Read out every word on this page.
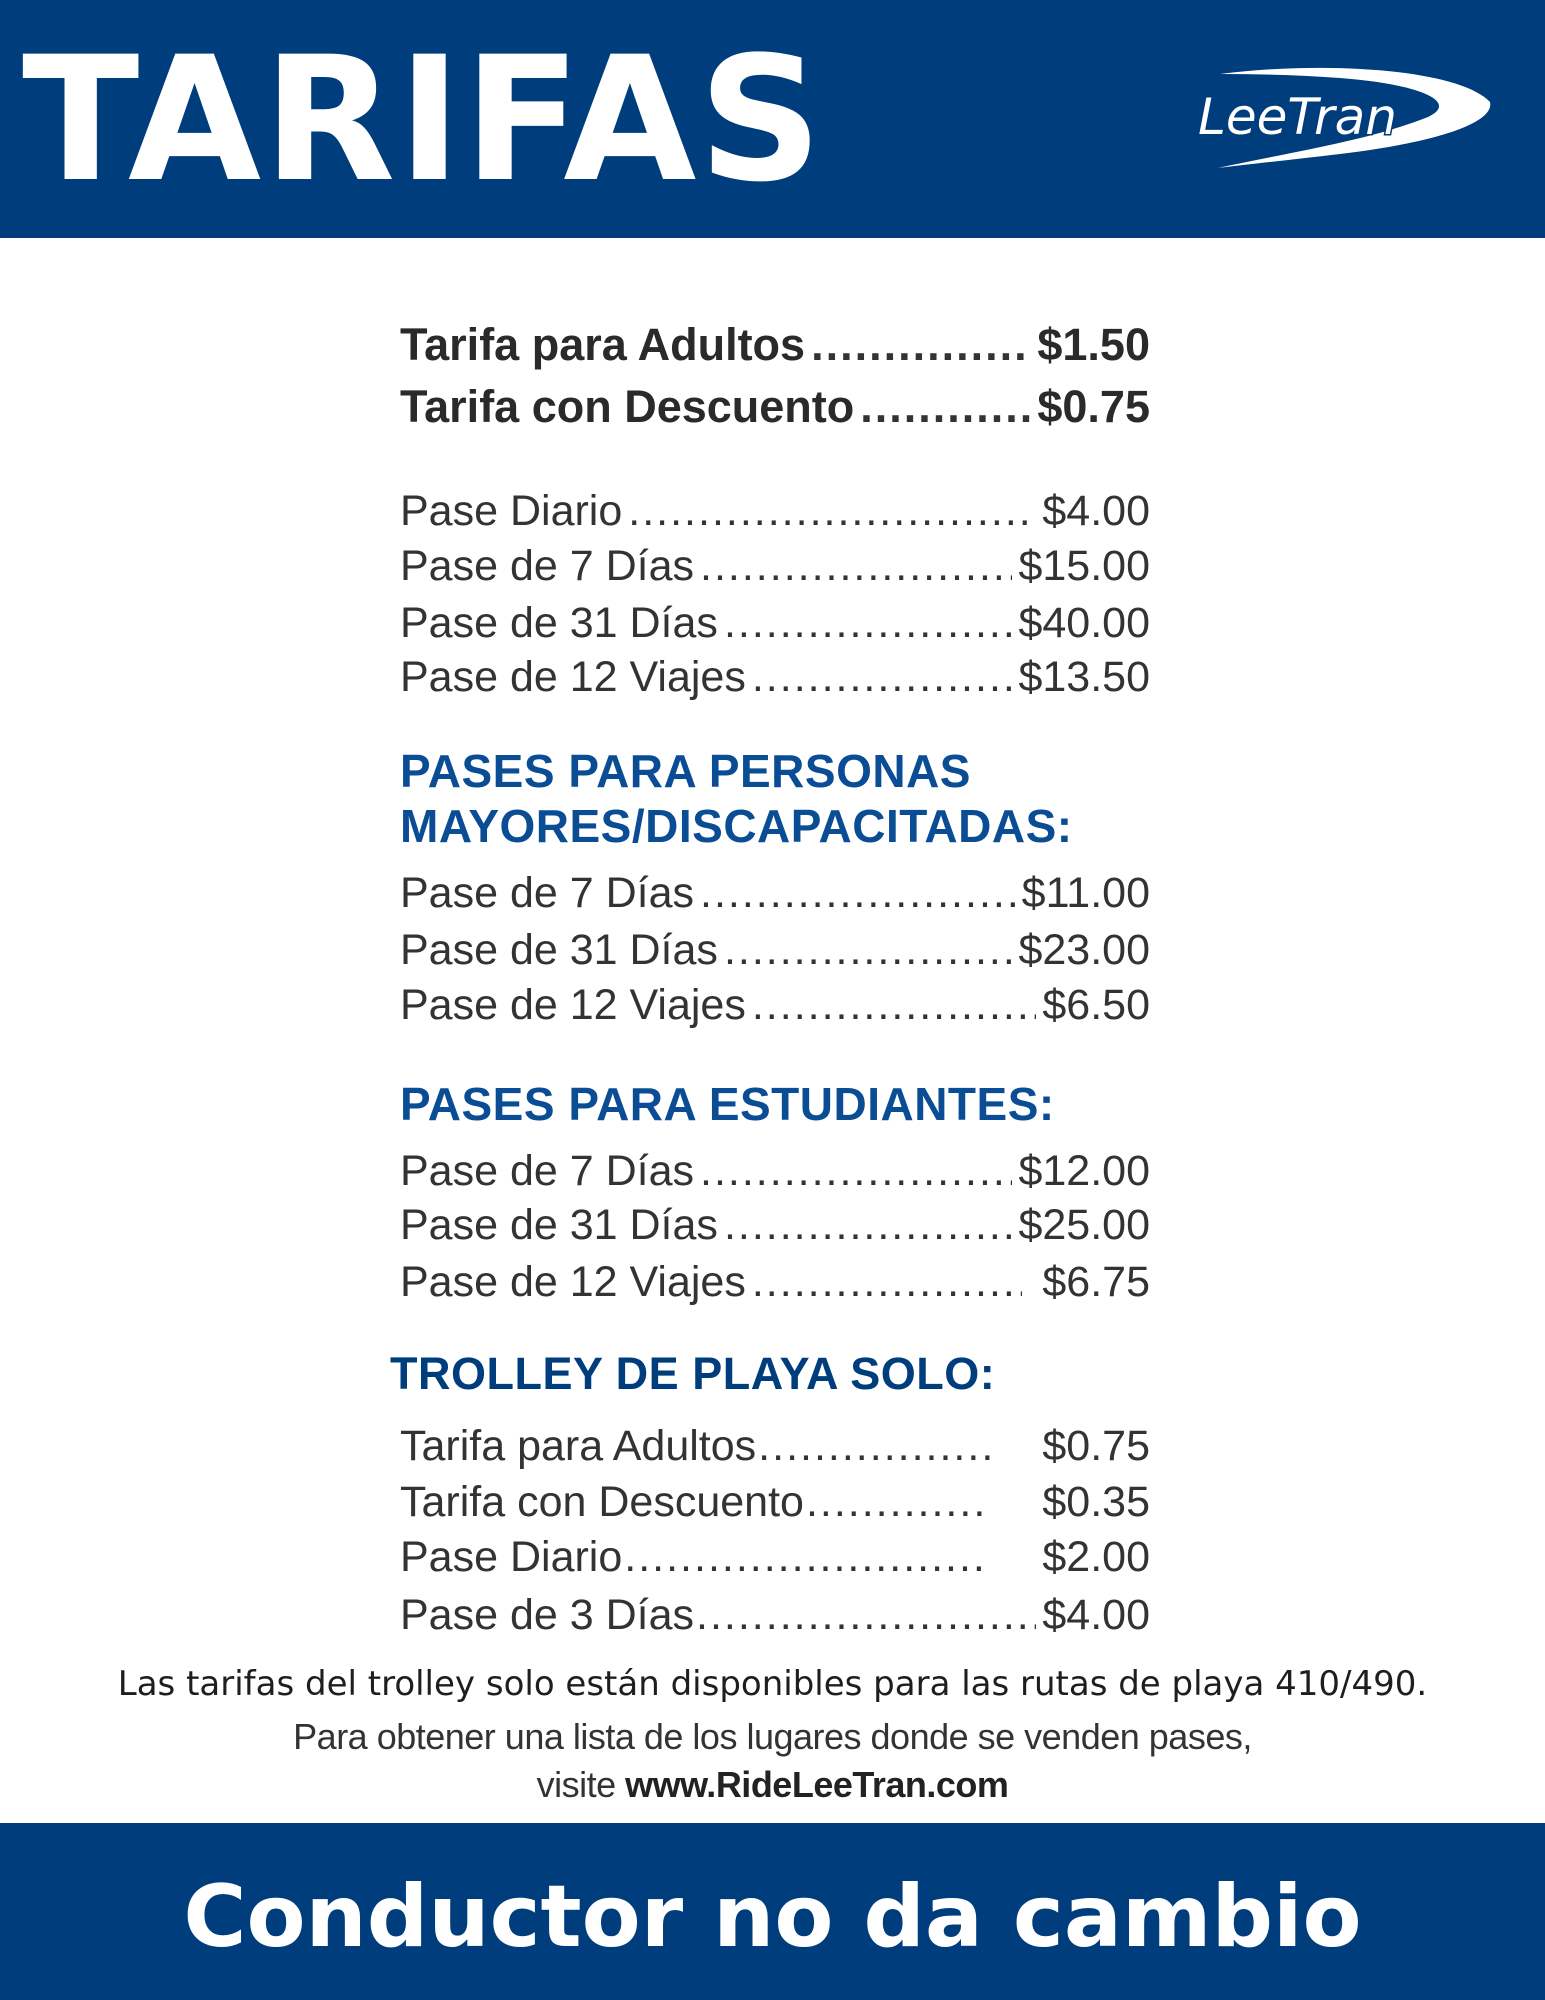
TARIFAS	LeeTran
Tarifa para Adultos .....	$1.50
Tarifa con Descuento .....	$0.75
Pase Diario .....	$4.00
Pase de 7 Días .....	$15.00
Pase de 31 Días .....	$40.00
Pase de 12 Viajes .....	$13.50
PASES PARA PERSONAS
MAYORES/DISCAPACITADAS:
Pase de 7 Días .....	$11.00
Pase de 31 Días .....	$23.00
Pase de 12 Viajes .....	$6.50
PASES PARA ESTUDIANTES:
Pase de 7 Días .....	$12.00
Pase de 31 Días .....	$25.00
Pase de 12 Viajes .....	$6.75
TROLLEY DE PLAYA SOLO:
Tarifa para Adultos .....	$0.75
Tarifa con Descuento .....	$0.35
Pase Diario .....	$2.00
Pase de 3 Días .....	$4.00
Las tarifas del trolley solo están disponibles para las rutas de playa 410/490.
Para obtener una lista de los lugares donde se venden pases,
visite www.RideLeeTran.com
Conductor no da cambio
